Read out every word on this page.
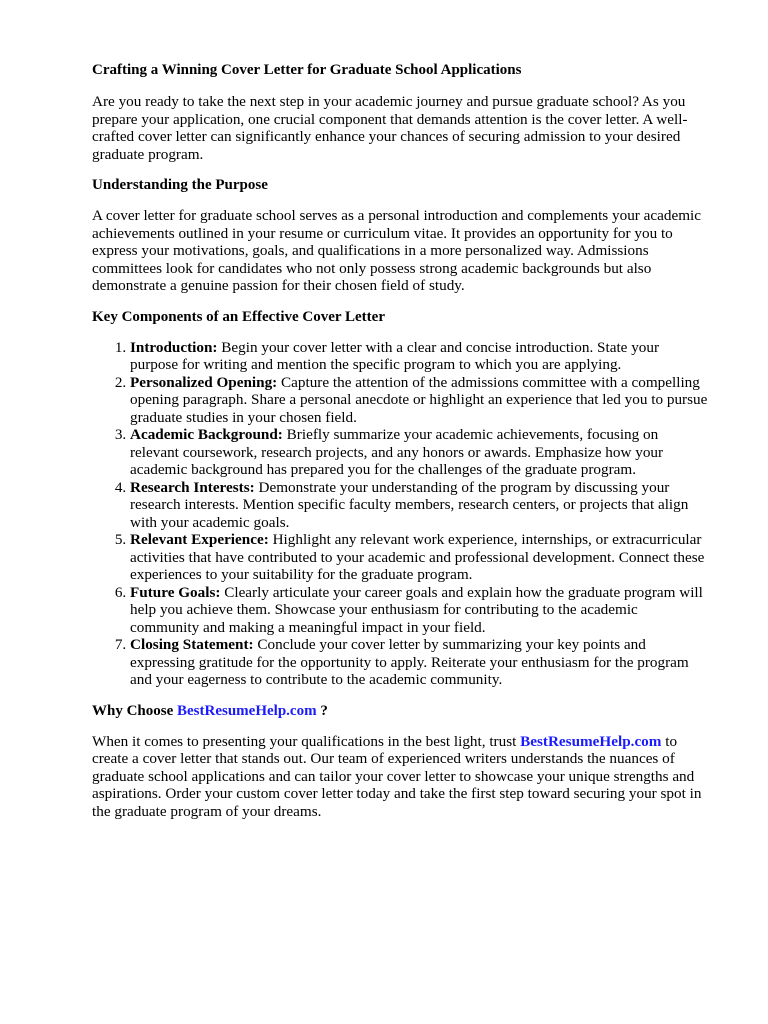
Crafting a Winning Cover Letter for Graduate School Applications

Are you ready to take the next step in your academic journey and pursue graduate school? As you prepare your application, one crucial component that demands attention is the cover letter. A well-crafted cover letter can significantly enhance your chances of securing admission to your desired graduate program.

Understanding the Purpose

A cover letter for graduate school serves as a personal introduction and complements your academic achievements outlined in your resume or curriculum vitae. It provides an opportunity for you to express your motivations, goals, and qualifications in a more personalized way. Admissions committees look for candidates who not only possess strong academic backgrounds but also demonstrate a genuine passion for their chosen field of study.

Key Components of an Effective Cover Letter
1. Introduction: Begin your cover letter with a clear and concise introduction. State your purpose for writing and mention the specific program to which you are applying.
2. Personalized Opening: Capture the attention of the admissions committee with a compelling opening paragraph. Share a personal anecdote or highlight an experience that led you to pursue graduate studies in your chosen field.
3. Academic Background: Briefly summarize your academic achievements, focusing on relevant coursework, research projects, and any honors or awards. Emphasize how your academic background has prepared you for the challenges of the graduate program.
4. Research Interests: Demonstrate your understanding of the program by discussing your research interests. Mention specific faculty members, research centers, or projects that align with your academic goals.
5. Relevant Experience: Highlight any relevant work experience, internships, or extracurricular activities that have contributed to your academic and professional development. Connect these experiences to your suitability for the graduate program.
6. Future Goals: Clearly articulate your career goals and explain how the graduate program will help you achieve them. Showcase your enthusiasm for contributing to the academic community and making a meaningful impact in your field.
7. Closing Statement: Conclude your cover letter by summarizing your key points and expressing gratitude for the opportunity to apply. Reiterate your enthusiasm for the program and your eagerness to contribute to the academic community.
Why Choose BestResumeHelp.com ?

When it comes to presenting your qualifications in the best light, trust BestResumeHelp.com to create a cover letter that stands out. Our team of experienced writers understands the nuances of graduate school applications and can tailor your cover letter to showcase your unique strengths and aspirations. Order your custom cover letter today and take the first step toward securing your spot in the graduate program of your dreams.
